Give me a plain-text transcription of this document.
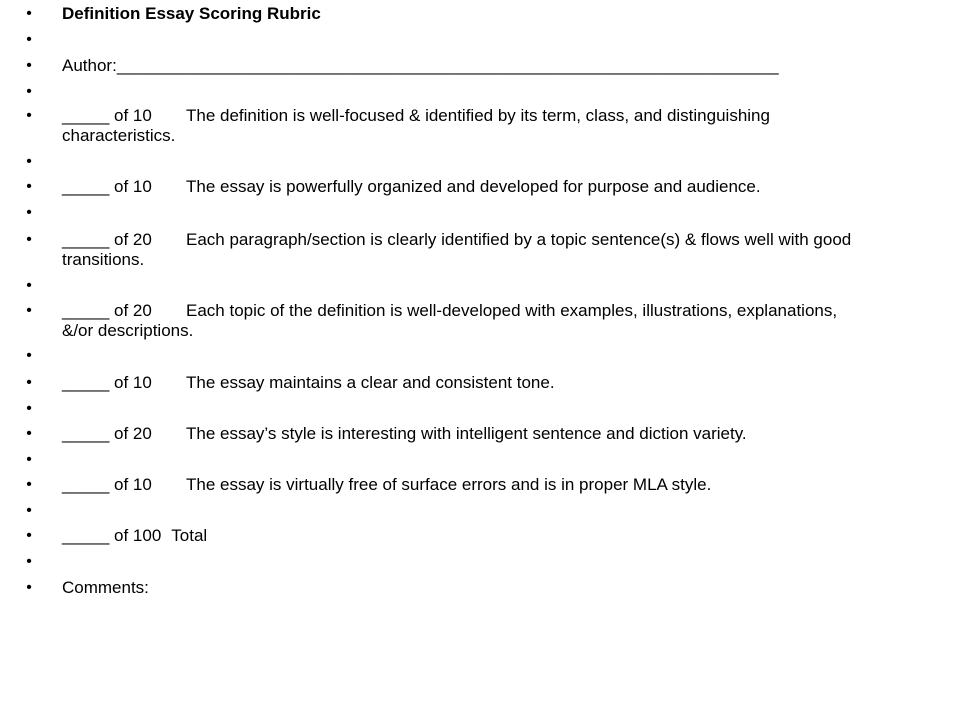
• Definition Essay Scoring Rubric
•
• Author:______________________________________________________________________
•
• _____ of 10 The definition is well-focused & identified by its term, class, and distinguishing characteristics.
•
• _____ of 10 The essay is powerfully organized and developed for purpose and audience.
•
• _____ of 20 Each paragraph/section is clearly identified by a topic sentence(s) & flows well with good transitions.
•
• _____ of 20 Each topic of the definition is well-developed with examples, illustrations, explanations, &/or descriptions.
•
• _____ of 10 The essay maintains a clear and consistent tone.
•
• _____ of 20 The essay’s style is interesting with intelligent sentence and diction variety.
•
• _____ of 10 The essay is virtually free of surface errors and is in proper MLA style.
•
• _____ of 100 Total
•
• Comments:
